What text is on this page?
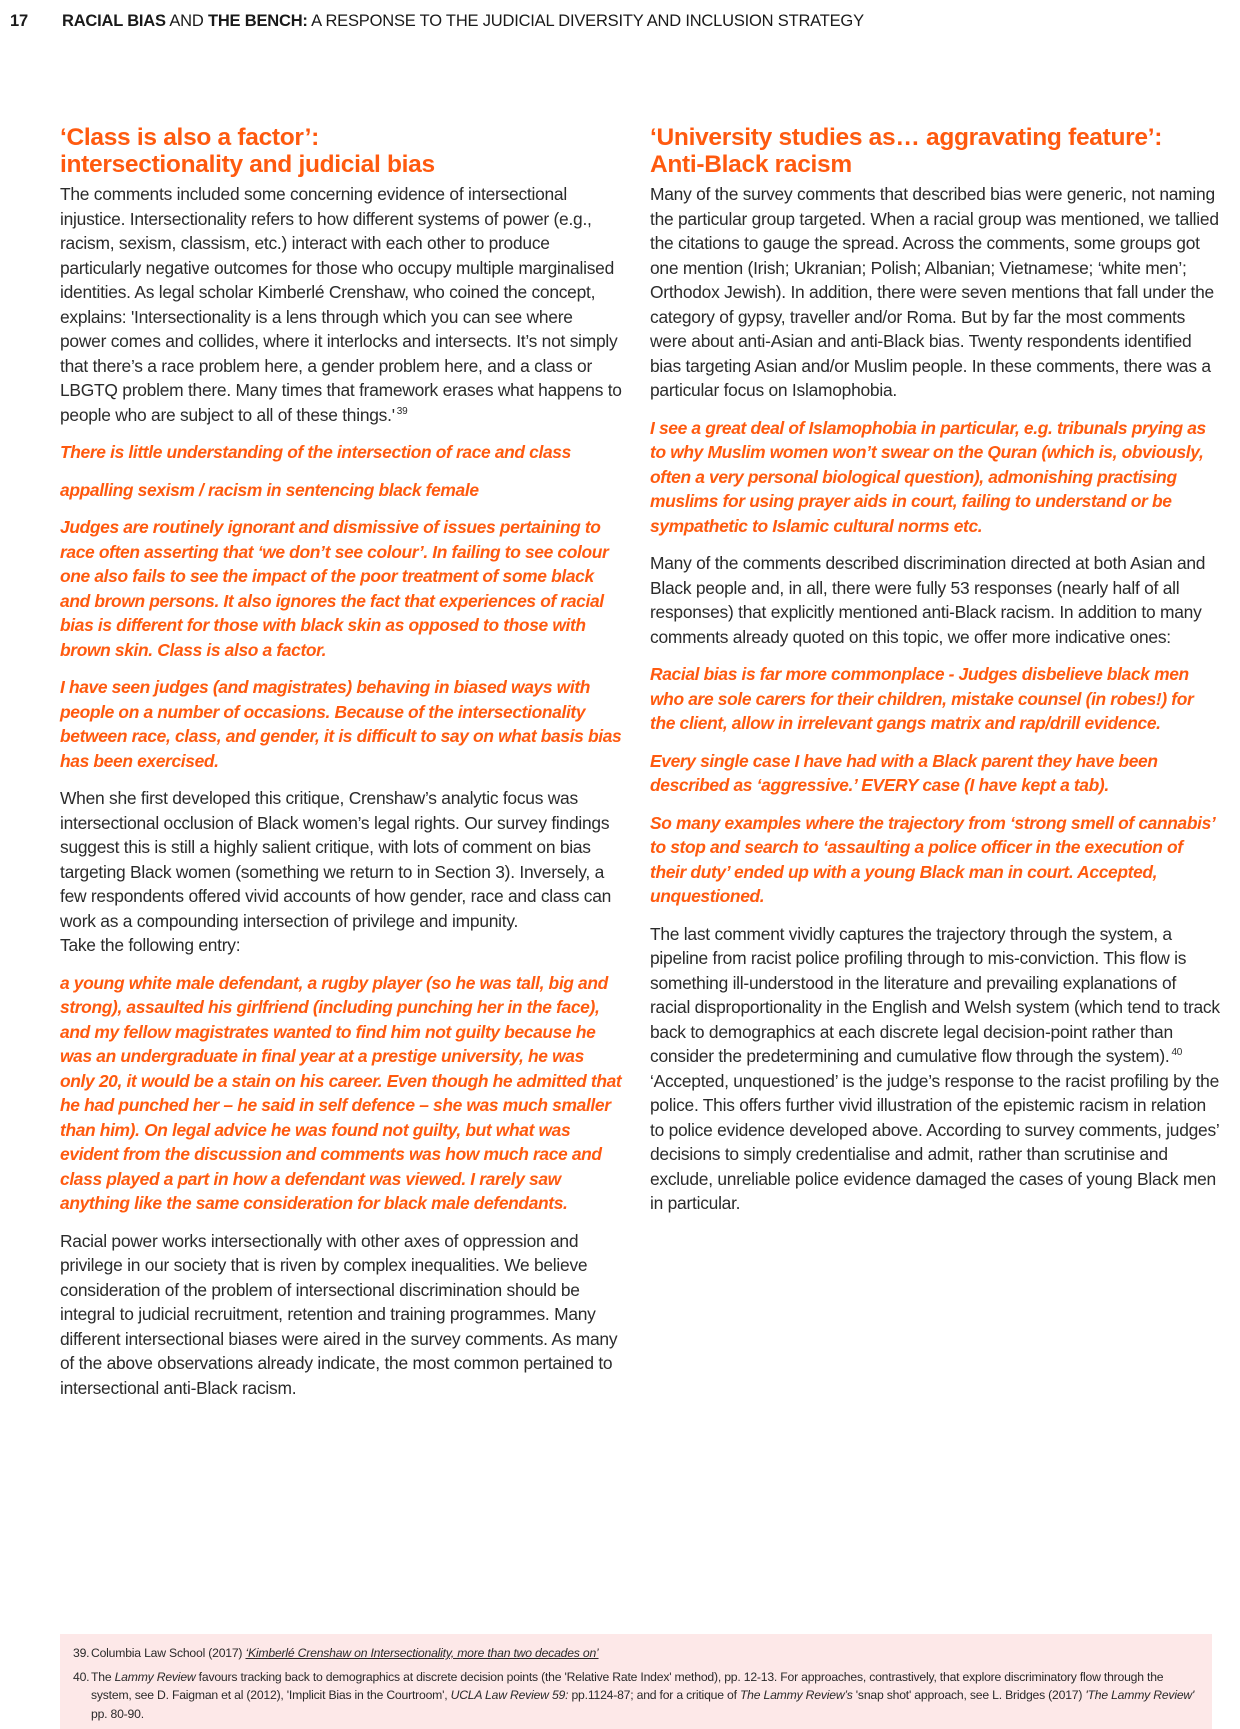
17	RACIAL BIAS AND THE BENCH: A RESPONSE TO THE JUDICIAL DIVERSITY AND INCLUSION STRATEGY
‘Class is also a factor’:
intersectionality and judicial bias

The comments included some concerning evidence of intersectional injustice. Intersectionality refers to how different systems of power (e.g., racism, sexism, classism, etc.) interact with each other to produce particularly negative outcomes for those who occupy multiple marginalised identities. As legal scholar Kimberlé Crenshaw, who coined the concept, explains: 'Intersectionality is a lens through which you can see where power comes and collides, where it interlocks and intersects. It’s not simply that there’s a race problem here, a gender problem here, and a class or LBGTQ problem there. Many times that framework erases what happens to people who are subject to all of these things.' $^{39}$

There is little understanding of the intersection of race and class

appalling sexism / racism in sentencing black female

Judges are routinely ignorant and dismissive of issues pertaining to race often asserting that ‘we don’t see colour’. In failing to see colour one also fails to see the impact of the poor treatment of some black and brown persons. It also ignores the fact that experiences of racial bias is different for those with black skin as opposed to those with brown skin. Class is also a factor.

I have seen judges (and magistrates) behaving in biased ways with people on a number of occasions. Because of the intersectionality between race, class, and gender, it is difficult to say on what basis bias has been exercised.

When she first developed this critique, Crenshaw’s analytic focus was intersectional occlusion of Black women’s legal rights. Our survey findings suggest this is still a highly salient critique, with lots of comment on bias targeting Black women (something we return to in Section 3). Inversely, a few respondents offered vivid accounts of how gender, race and class can work as a compounding intersection of privilege and impunity.
Take the following entry:

a young white male defendant, a rugby player (so he was tall, big and strong), assaulted his girlfriend (including punching her in the face), and my fellow magistrates wanted to find him not guilty because he was an undergraduate in final year at a prestige university, he was only 20, it would be a stain on his career. Even though he admitted that he had punched her – he said in self defence – she was much smaller than him). On legal advice he was found not guilty, but what was evident from the discussion and comments was how much race and class played a part in how a defendant was viewed. I rarely saw anything like the same consideration for black male defendants.

Racial power works intersectionally with other axes of oppression and privilege in our society that is riven by complex inequalities. We believe consideration of the problem of intersectional discrimination should be integral to judicial recruitment, retention and training programmes. Many different intersectional biases were aired in the survey comments. As many of the above observations already indicate, the most common pertained to intersectional anti-Black racism.

‘University studies as… aggravating feature’:
Anti-Black racism

Many of the survey comments that described bias were generic, not naming the particular group targeted. When a racial group was mentioned, we tallied the citations to gauge the spread. Across the comments, some groups got one mention (Irish; Ukranian; Polish; Albanian; Vietnamese; ‘white men’; Orthodox Jewish). In addition, there were seven mentions that fall under the category of gypsy, traveller and/or Roma. But by far the most comments were about anti-Asian and anti-Black bias. Twenty respondents identified bias targeting Asian and/or Muslim people. In these comments, there was a particular focus on Islamophobia.

I see a great deal of Islamophobia in particular, e.g. tribunals prying as to why Muslim women won’t swear on the Quran (which is, obviously, often a very personal biological question), admonishing practising muslims for using prayer aids in court, failing to understand or be sympathetic to Islamic cultural norms etc.

Many of the comments described discrimination directed at both Asian and Black people and, in all, there were fully 53 responses (nearly half of all responses) that explicitly mentioned anti-Black racism. In addition to many comments already quoted on this topic, we offer more indicative ones:

Racial bias is far more commonplace - Judges disbelieve black men who are sole carers for their children, mistake counsel (in robes!) for the client, allow in irrelevant gangs matrix and rap/drill evidence.

Every single case I have had with a Black parent they have been described as ‘aggressive.’ EVERY case (I have kept a tab).

So many examples where the trajectory from ‘strong smell of cannabis’ to stop and search to ‘assaulting a police officer in the execution of their duty’ ended up with a young Black man in court. Accepted, unquestioned.

The last comment vividly captures the trajectory through the system, a pipeline from racist police profiling through to mis-conviction. This flow is something ill-understood in the literature and prevailing explanations of racial disproportionality in the English and Welsh system (which tend to track back to demographics at each discrete legal decision-point rather than consider the predetermining and cumulative flow through the system). $^{40}$ ‘Accepted, unquestioned’ is the judge’s response to the racist profiling by the police. This offers further vivid illustration of the epistemic racism in relation to police evidence developed above. According to survey comments, judges’ decisions to simply credentialise and admit, rather than scrutinise and exclude, unreliable police evidence damaged the cases of young Black men in particular.

39. Columbia Law School (2017) ‘Kimberlé Crenshaw on Intersectionality, more than two decades on’
40. The Lammy Review favours tracking back to demographics at discrete decision points (the 'Relative Rate Index' method), pp. 12-13. For approaches, contrastively, that explore discriminatory flow through the system, see D. Faigman et al (2012), 'Implicit Bias in the Courtroom', UCLA Law Review 59: pp.1124-87; and for a critique of The Lammy Review’s 'snap shot' approach, see L. Bridges (2017) 'The Lammy Review' pp. 80-90.
